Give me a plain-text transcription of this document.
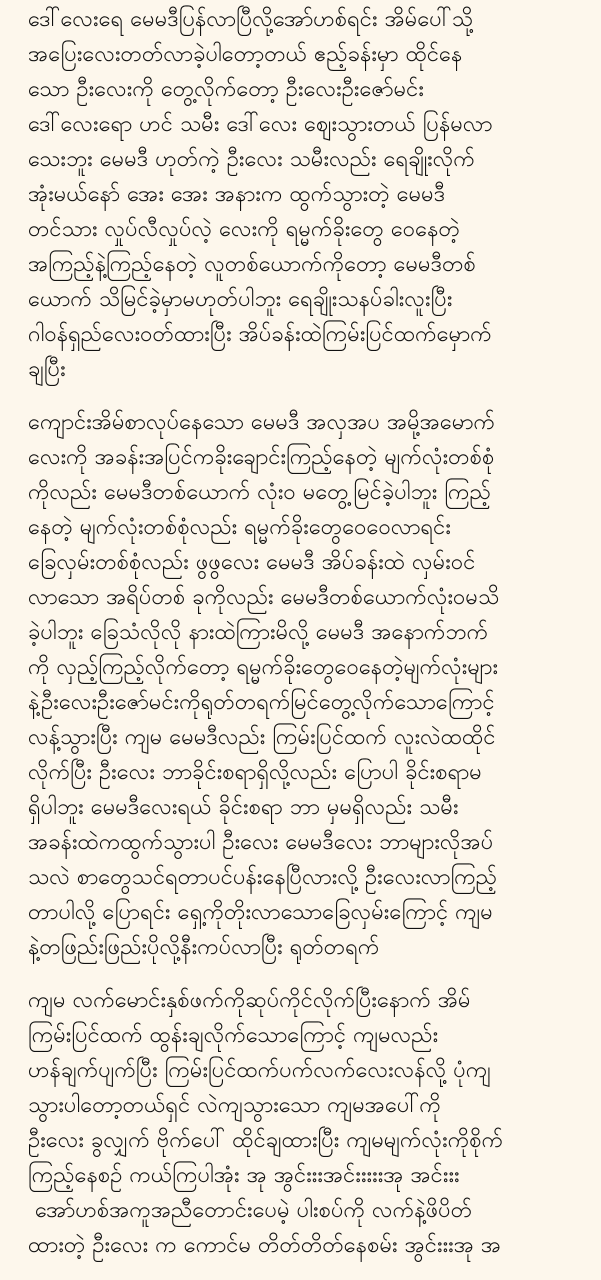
ဒေါ်လေးရေ မေမဒီပြန်လာပြီလို့အော်ဟစ်ရင်း အိမ်ပေါ်သို့
အပြေးလေးတတ်လာခဲ့ပါတော့တယ် ဧည့်ခန်းမှာ ထိုင်နေ
သော ဦးလေးကို တွေ့လိုက်တော့ ဦးလေးဦးဇော်မင်း
ဒေါ်လေးရော ဟင် သမီး ဒေါ်လေး ဈေးသွားတယ် ပြန်မလာ
သေးဘူး မေမဒီ ဟုတ်ကဲ့ ဦးလေး သမီးလည်း ရေချိုးလိုက်
အုံးမယ်နော် အေး အေး အနားက ထွက်သွားတဲ့ မေမဒီ
တင်သား လှုပ်လီလှုပ်လဲ့ လေးကို ရမ္မက်ခိုးတွေ ဝေနေတဲ့
အကြည့်နဲ့ကြည့်နေတဲ့ လူတစ်ယောက်ကိုတော့ မေမဒီတစ်
ယောက် သိမြင်ခဲ့မှာမဟုတ်ပါဘူး ရေချိုးသနပ်ခါးလူးပြီး
ဂါဝန်ရှည်လေးဝတ်ထားပြီး အိပ်ခန်းထဲကြမ်းပြင်ထက်မှောက်
ချပြီး
ကျောင်းအိမ်စာလုပ်နေသော မေမဒီ အလှအပ အမို့အမောက်
လေးကို အခန်းအပြင်ကခိုးချောင်းကြည့်နေတဲ့ မျက်လုံးတစ်စုံ
ကိုလည်း မေမဒီတစ်ယောက် လုံးဝ မတွေ့မြင်ခဲ့ပါဘူး ကြည့်
နေတဲ့ မျက်လုံးတစ်စုံလည်း ရမ္မက်ခိုးတွေဝေဝေလာရင်း
ခြေလှမ်းတစ်စုံလည်း ဖွဖွလေး မေမဒီ အိပ်ခန်းထဲ လှမ်းဝင်
လာသော အရိပ်တစ် ခုကိုလည်း မေမဒီတစ်ယောက်လုံးဝမသိ
ခဲ့ပါဘူး ခြေသံလိုလို နားထဲကြားမိလို့ မေမဒီ အနောက်ဘက်
ကို လှည့်ကြည့်လိုက်တော့ ရမ္မက်ခိုးတွေဝေနေတဲ့မျက်လုံးများ
နဲ့ဦးလေးဦးဇော်မင်းကိုရုတ်တရက်မြင်တွေ့လိုက်သောကြောင့်
လန့်သွားပြီး ကျမ မေမဒီလည်း ကြမ်းပြင်ထက် လူးလဲထထိုင်
လိုက်ပြီး ဦးလေး ဘာခိုင်းစရာရှိလို့လည်း ပြောပါ ခိုင်းစရာမ
ရှိပါဘူး မေမဒီလေးရယ် ခိုင်းစရာ ဘာ မှမရှိလည်း သမီး
အခန်းထဲကထွက်သွားပါ ဦးလေး မေမဒီလေး ဘာများလိုအပ်
သလဲ စာတွေသင်ရတာပင်ပန်းနေပြီလားလို့ ဦးလေးလာကြည့်
တာပါလို့ ပြောရင်း ရှေ့ကိုတိုးလာသောခြေလှမ်းကြောင့် ကျမ
နဲ့တဖြည်းဖြည်းပိုလို့နီးကပ်လာပြီး ရုတ်တရက်
ကျမ လက်မောင်းနှစ်ဖက်ကိုဆုပ်ကိုင်လိုက်ပြီးနောက် အိမ်
ကြမ်းပြင်ထက် ထွန်းချလိုက်သောကြောင့် ကျမလည်း
ဟန်ချက်ပျက်ပြီး ကြမ်းပြင်ထက်ပက်လက်လေးလန်လို့ ပုံကျ
သွားပါတော့တယ်ရှင် လဲကျသွားသော ကျမအပေါ်ကို
ဦးလေး ခွလျှက် ဗိုက်ပေါ် ထိုင်ချထားပြီး ကျမမျက်လုံးကိုစိုက်
ကြည့်နေစဉ် ကယ်ကြပါအုံး အု အွင်းးးအင်းးးးးအု အင်းးး
အော်ဟစ်အကူအညီတောင်းပေမဲ့ ပါးစပ်ကို လက်နဲ့ဖိပိတ်
ထားတဲ့ ဦးလေး က ကောင်မ တိတ်တိတ်နေစမ်း အွင်းးးအု အ
